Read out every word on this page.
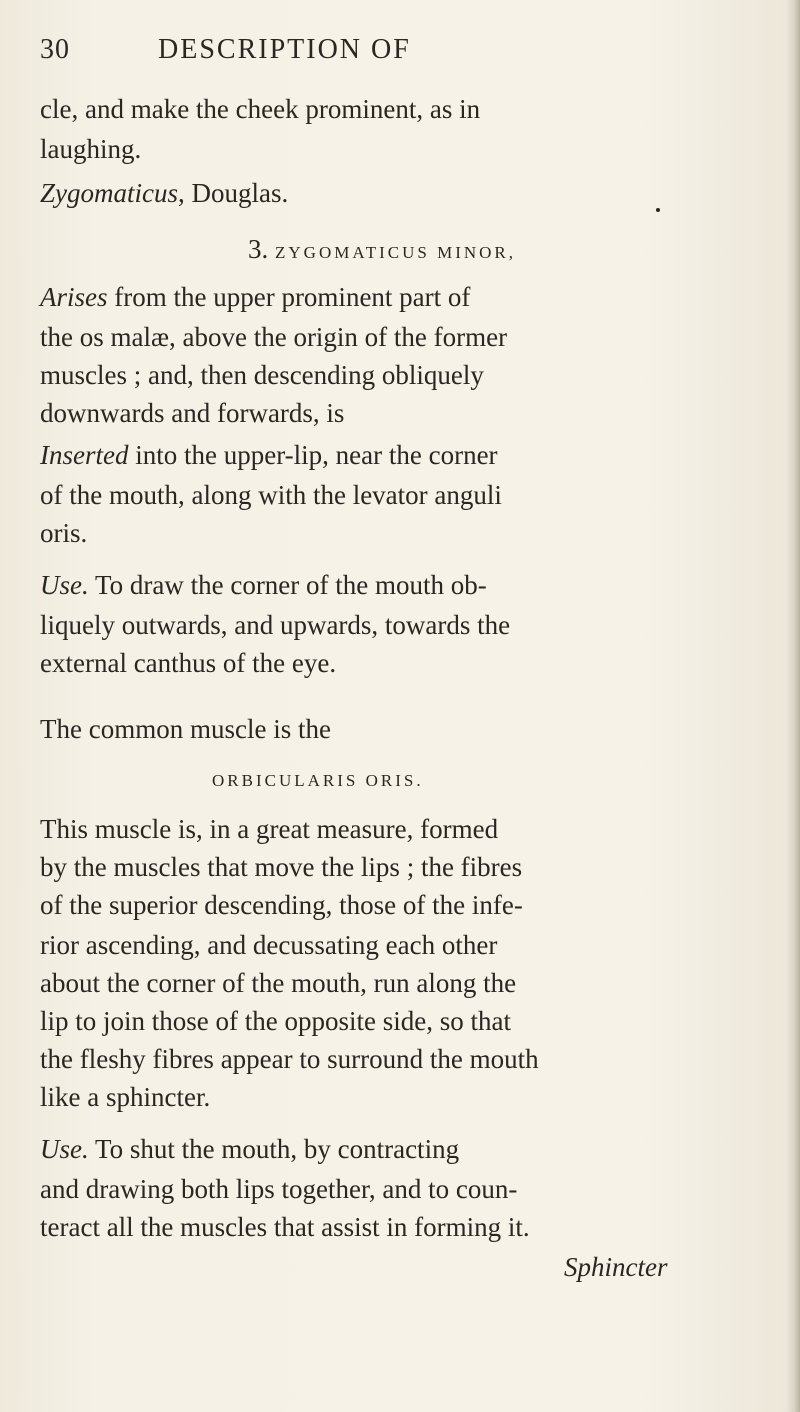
30	DESCRIPTION OF
cle, and make the cheek prominent, as in
laughing.
Zygomaticus, Douglas.
3. ZYGOMATICUS MINOR,
Arises from the upper prominent part of
the os malæ, above the origin of the former
muscles ; and, then descending obliquely
downwards and forwards, is
Inserted into the upper-lip, near the corner
of the mouth, along with the levator anguli
oris.
Use. To draw the corner of the mouth ob-
liquely outwards, and upwards, towards the
external canthus of the eye.
The common muscle is the
ORBICULARIS ORIS.
This muscle is, in a great measure, formed
by the muscles that move the lips ; the fibres
of the superior descending, those of the infe-
rior ascending, and decussating each other
about the corner of the mouth, run along the
lip to join those of the opposite side, so that
the fleshy fibres appear to surround the mouth
like a sphincter.
Use. To shut the mouth, by contracting
and drawing both lips together, and to coun-
teract all the muscles that assist in forming it.
Sphincter
